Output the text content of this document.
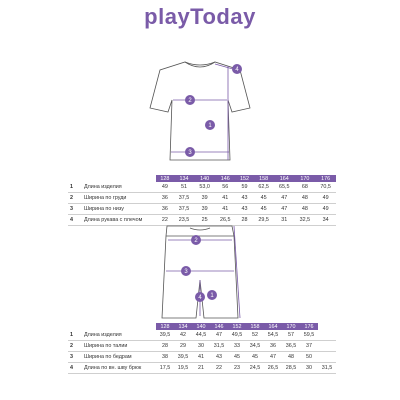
playToday
1
2
3
4
		128	134	140	146	152	158	164	170	176
1	Длина изделия	49	51	53,0	56	59	62,5	65,5	68	70,5
2	Ширина по груди	36	37,5	39	41	43	45	47	48	49
3	Ширина по низу	36	37,5	39	41	43	45	47	48	49
4	Длина рукава с плечом	22	23,5	25	26,5	28	29,5	31	32,5	34
1
2
3
4
		128	134	140	146	152	158	164	170	176	
1	Длина изделия	39,5	42	44,5	47	49,5	52	54,5	57	59,5	
2	Ширина по талии	28	29	30	31,5	33	34,5	36	36,5	37	
3	Ширина по бедрам	38	39,5	41	43	45	45	47	48	50	
4	Длина по вн. шву брюк	17,5	19,5	21	22	23	24,5	26,5	28,5	30	31,5
